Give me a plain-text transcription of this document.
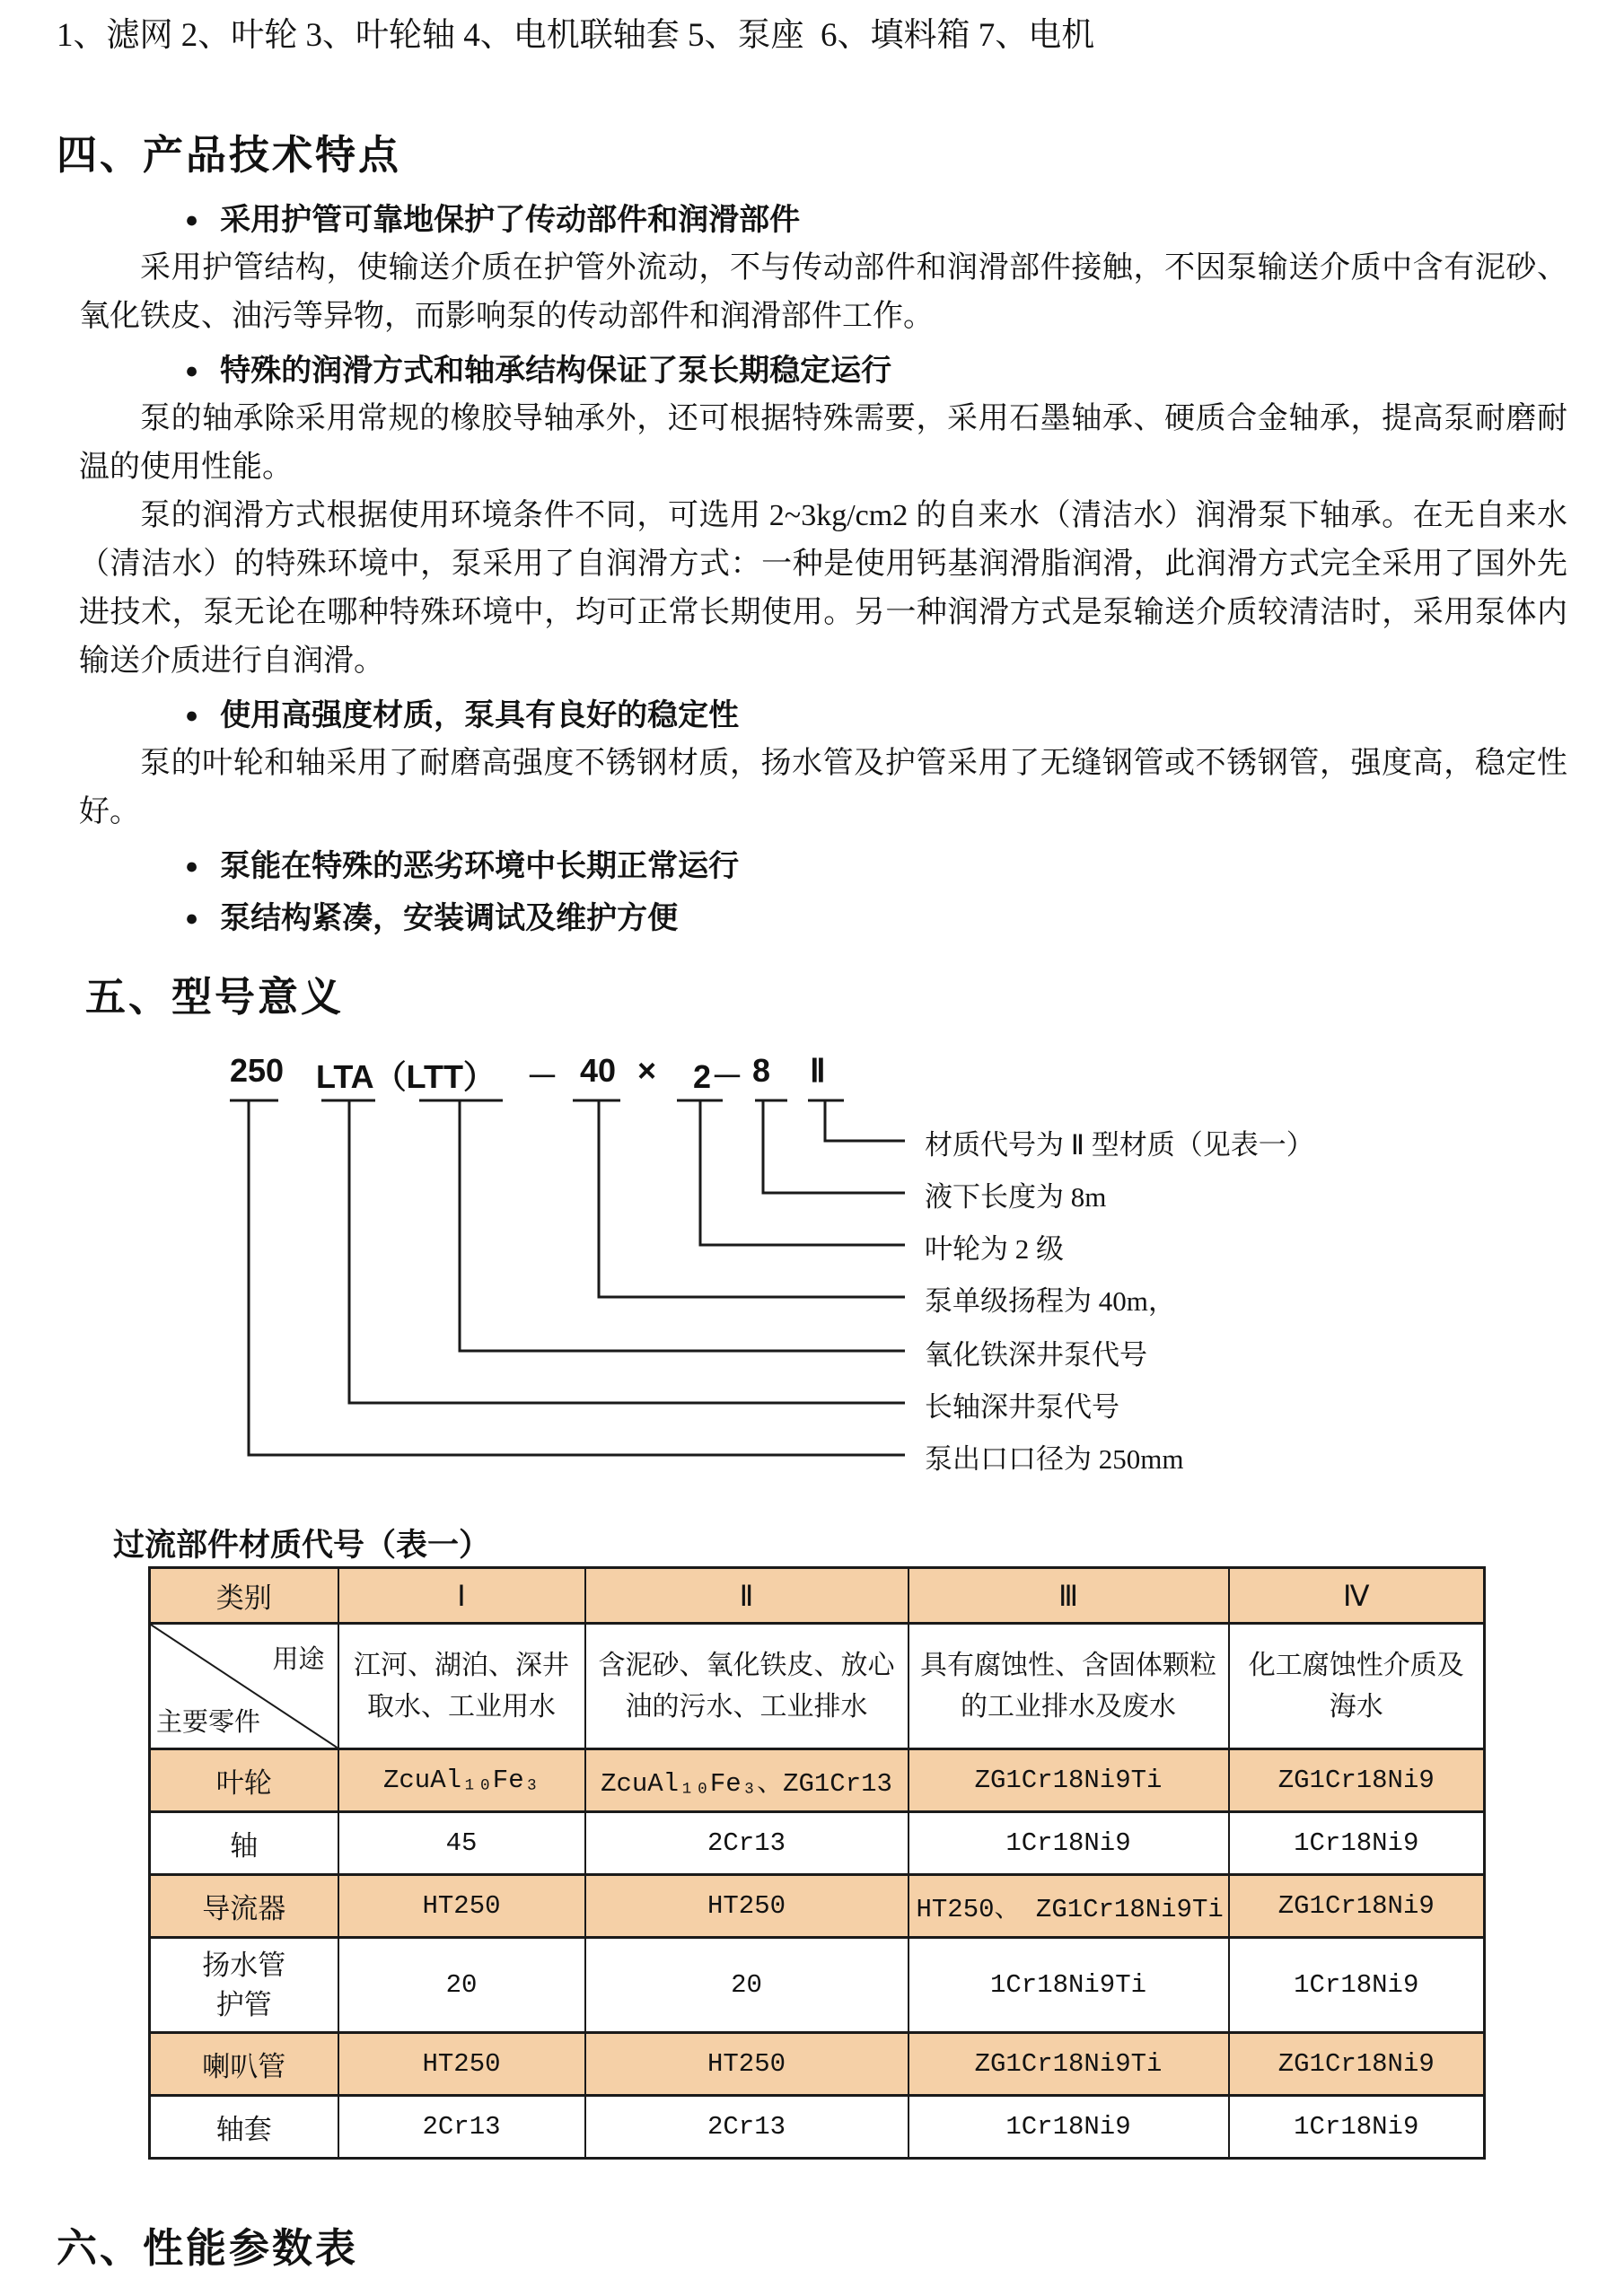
1、滤网 2、叶轮 3、叶轮轴 4、电机联轴套 5、泵座  6、填料箱 7、电机
四、产品技术特点
● 采用护管可靠地保护了传动部件和润滑部件

采用护管结构，使输送介质在护管外流动，不与传动部件和润滑部件接触，不因泵输送介质中含有泥砂、氧化铁皮、油污等异物，而影响泵的传动部件和润滑部件工作。

● 特殊的润滑方式和轴承结构保证了泵长期稳定运行

泵的轴承除采用常规的橡胶导轴承外，还可根据特殊需要，采用石墨轴承、硬质合金轴承，提高泵耐磨耐温的使用性能。

泵的润滑方式根据使用环境条件不同，可选用 2~3kg/cm2 的自来水（清洁水）润滑泵下轴承。在无自来水（清洁水）的特殊环境中，泵采用了自润滑方式：一种是使用钙基润滑脂润滑，此润滑方式完全采用了国外先进技术，泵无论在哪种特殊环境中，均可正常长期使用。另一种润滑方式是泵输送介质较清洁时，采用泵体内输送介质进行自润滑。

● 使用高强度材质，泵具有良好的稳定性

泵的叶轮和轴采用了耐磨高强度不锈钢材质，扬水管及护管采用了无缝钢管或不锈钢管，强度高，稳定性好。

● 泵能在特殊的恶劣环境中长期正常运行
● 泵结构紧凑，安装调试及维护方便
五、型号意义
250 LTA（LTT） － 40 × 2－ 8 Ⅱ
材质代号为 Ⅱ 型材质（见表一）
液下长度为 8m
叶轮为 2 级
泵单级扬程为 40m，
氧化铁深井泵代号
长轴深井泵代号
泵出口口径为 250mm
过流部件材质代号（表一）
类别	Ⅰ	Ⅱ	Ⅲ	Ⅳ

用途
主要零件	江河、湖泊、深井取水、工业用水	含泥砂、氧化铁皮、放心油的污水、工业排水	具有腐蚀性、含固体颗粒的工业排水及废水	化工腐蚀性介质及海水
叶轮	ZcuAl₁₀Fe₃	ZcuAl₁₀Fe₃、ZG1Cr13	ZG1Cr18Ni9Ti	ZG1Cr18Ni9
轴	45	2Cr13	1Cr18Ni9	1Cr18Ni9
导流器	HT250	HT250	HT250、 ZG1Cr18Ni9Ti	ZG1Cr18Ni9

扬水管
护管	20	20	1Cr18Ni9Ti	1Cr18Ni9
喇叭管	HT250	HT250	ZG1Cr18Ni9Ti	ZG1Cr18Ni9
轴套	2Cr13	2Cr13	1Cr18Ni9	1Cr18Ni9
六、性能参数表
